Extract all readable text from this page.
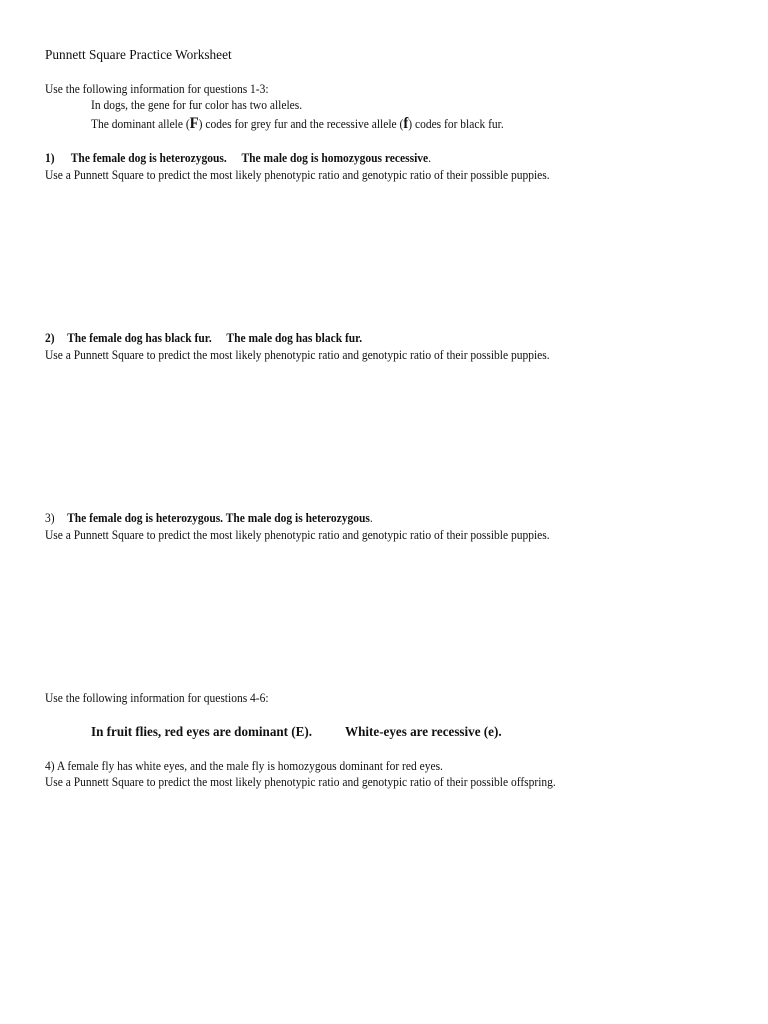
Punnett Square Practice Worksheet
Use the following information for questions 1-3:
In dogs, the gene for fur color has two alleles.
The dominant allele (F) codes for grey fur and the recessive allele (f) codes for black fur.
1) The female dog is heterozygous. The male dog is homozygous recessive.
Use a Punnett Square to predict the most likely phenotypic ratio and genotypic ratio of their possible puppies.
2) The female dog has black fur. The male dog has black fur.
Use a Punnett Square to predict the most likely phenotypic ratio and genotypic ratio of their possible puppies.
3) The female dog is heterozygous. The male dog is heterozygous.
Use a Punnett Square to predict the most likely phenotypic ratio and genotypic ratio of their possible puppies.
Use the following information for questions 4-6:
In fruit flies, red eyes are dominant (E). White-eyes are recessive (e).
4) A female fly has white eyes, and the male fly is homozygous dominant for red eyes.
Use a Punnett Square to predict the most likely phenotypic ratio and genotypic ratio of their possible offspring.
